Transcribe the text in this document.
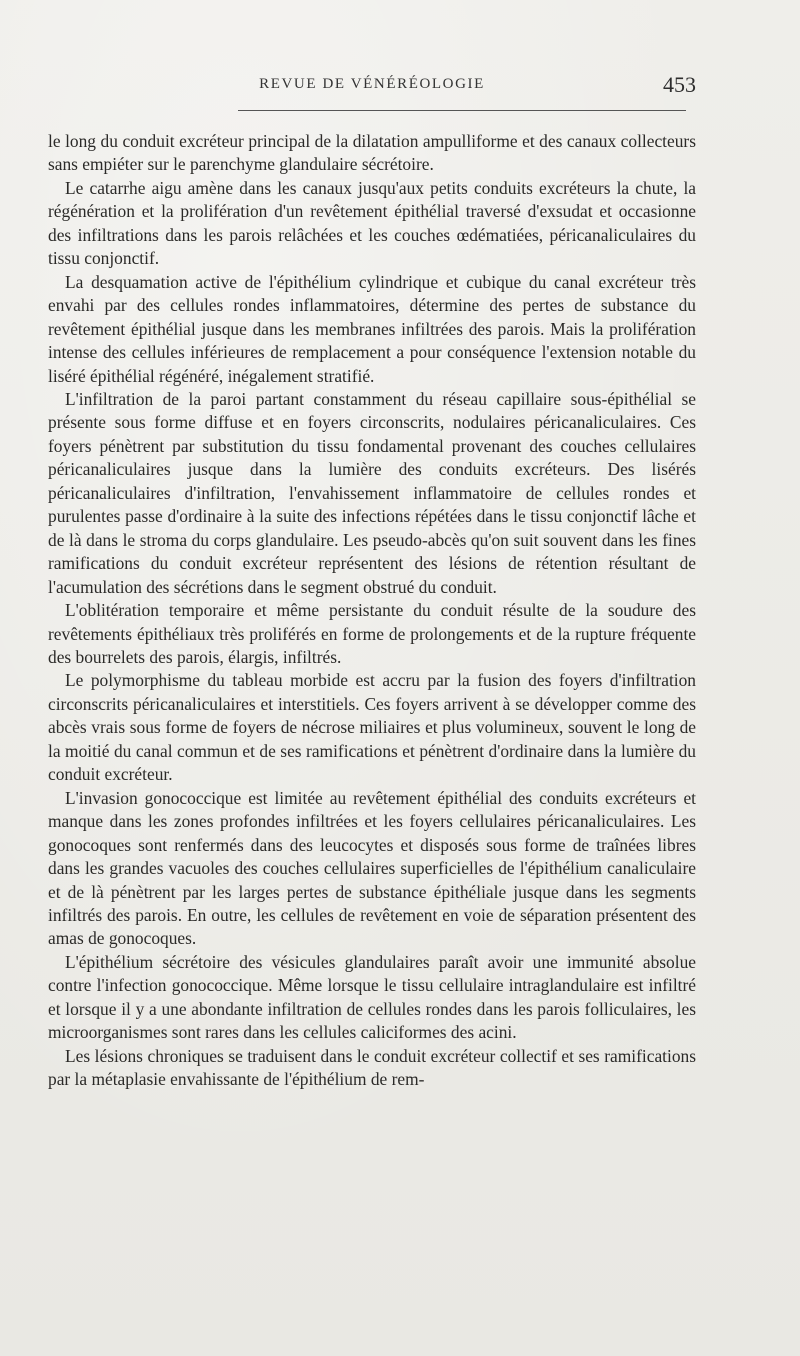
REVUE DE VÉNÉRÉOLOGIE	453

le long du conduit excréteur principal de la dilatation ampulliforme et des canaux collecteurs sans empiéter sur le parenchyme glandulaire sécrétoire.

Le catarrhe aigu amène dans les canaux jusqu'aux petits conduits excréteurs la chute, la régénération et la prolifération d'un revêtement épithélial traversé d'exsudat et occasionne des infiltrations dans les parois relâchées et les couches œdématiées, péricanaliculaires du tissu conjonctif.

La desquamation active de l'épithélium cylindrique et cubique du canal excréteur très envahi par des cellules rondes inflammatoires, détermine des pertes de substance du revêtement épithélial jusque dans les membranes infiltrées des parois. Mais la prolifération intense des cellules inférieures de remplacement a pour conséquence l'extension notable du liséré épithélial régénéré, inégalement stratifié.

L'infiltration de la paroi partant constamment du réseau capillaire sous-épithélial se présente sous forme diffuse et en foyers circonscrits, nodulaires péricanaliculaires. Ces foyers pénètrent par substitution du tissu fondamental provenant des couches cellulaires péricanaliculaires jusque dans la lumière des conduits excréteurs. Des lisérés péricanaliculaires d'infiltration, l'envahissement inflammatoire de cellules rondes et purulentes passe d'ordinaire à la suite des infections répétées dans le tissu conjonctif lâche et de là dans le stroma du corps glandulaire. Les pseudo-abcès qu'on suit souvent dans les fines ramifications du conduit excréteur représentent des lésions de rétention résultant de l'acumulation des sécrétions dans le segment obstrué du conduit.

L'oblitération temporaire et même persistante du conduit résulte de la soudure des revêtements épithéliaux très proliférés en forme de prolongements et de la rupture fréquente des bourrelets des parois, élargis, infiltrés.

Le polymorphisme du tableau morbide est accru par la fusion des foyers d'infiltration circonscrits péricanaliculaires et interstitiels. Ces foyers arrivent à se développer comme des abcès vrais sous forme de foyers de nécrose miliaires et plus volumineux, souvent le long de la moitié du canal commun et de ses ramifications et pénètrent d'ordinaire dans la lumière du conduit excréteur.

L'invasion gonococcique est limitée au revêtement épithélial des conduits excréteurs et manque dans les zones profondes infiltrées et les foyers cellulaires péricanaliculaires. Les gonocoques sont renfermés dans des leucocytes et disposés sous forme de traînées libres dans les grandes vacuoles des couches cellulaires superficielles de l'épithélium canaliculaire et de là pénètrent par les larges pertes de substance épithéliale jusque dans les segments infiltrés des parois. En outre, les cellules de revêtement en voie de séparation présentent des amas de gonocoques.

L'épithélium sécrétoire des vésicules glandulaires paraît avoir une immunité absolue contre l'infection gonococcique. Même lorsque le tissu cellulaire intraglandulaire est infiltré et lorsque il y a une abondante infiltration de cellules rondes dans les parois folliculaires, les microorganismes sont rares dans les cellules caliciformes des acini.

Les lésions chroniques se traduisent dans le conduit excréteur collectif et ses ramifications par la métaplasie envahissante de l'épithélium de rem-
